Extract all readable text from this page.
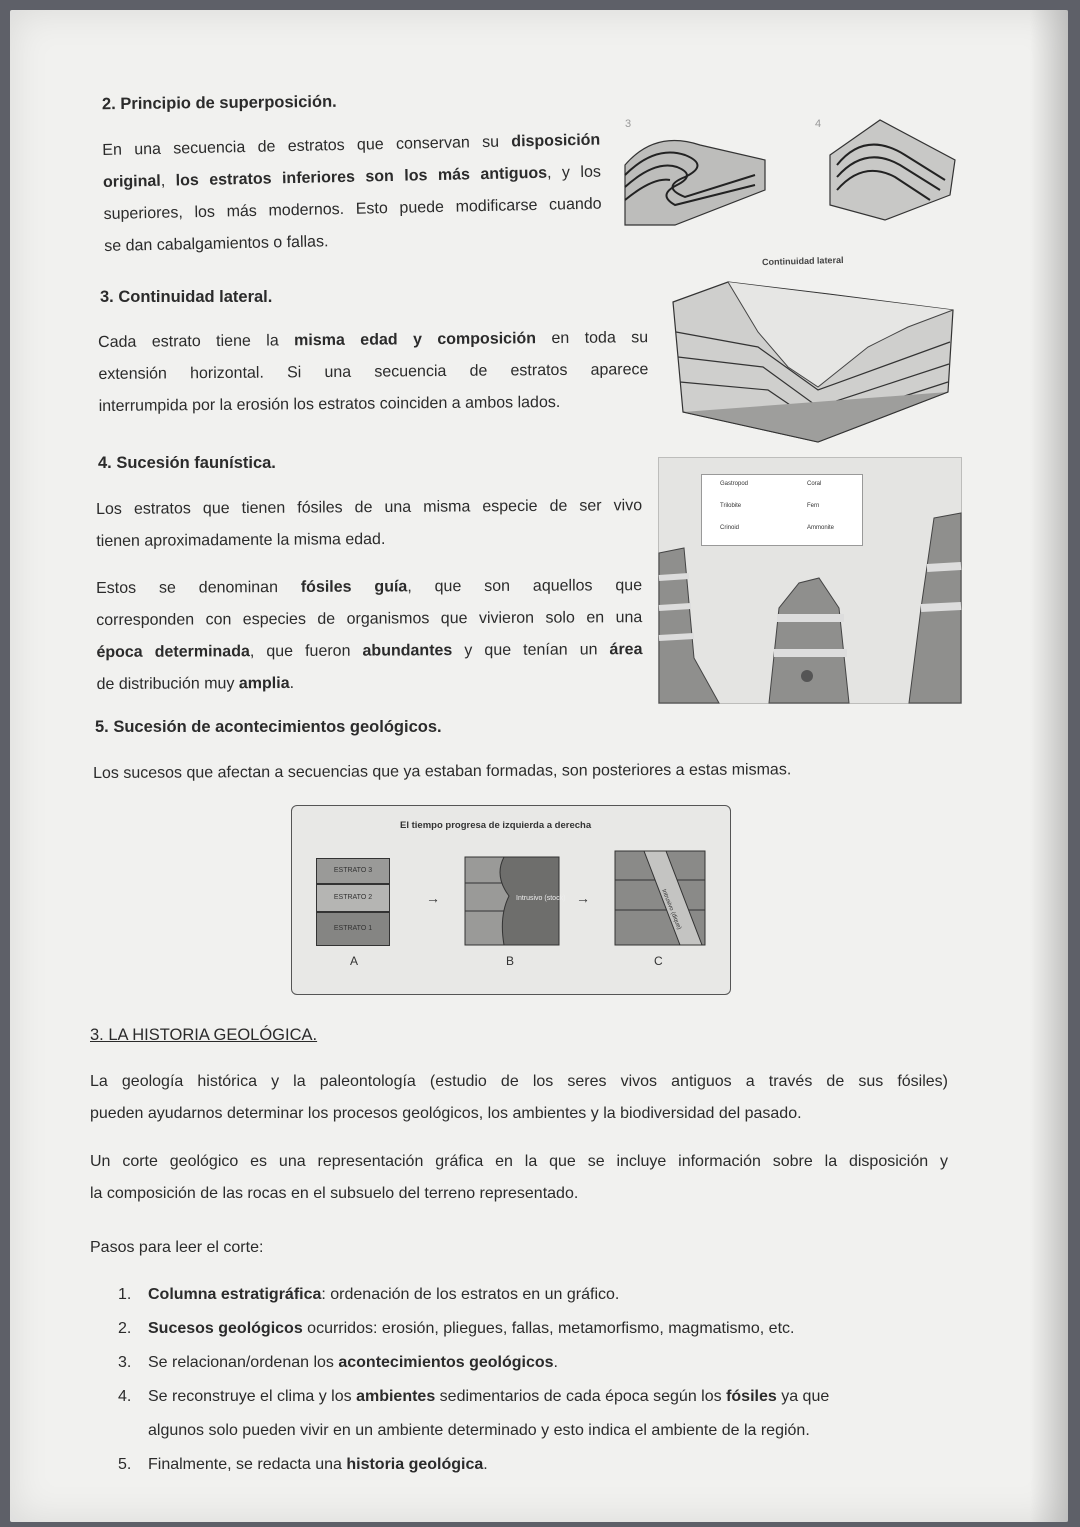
2. Principio de superposición.
En una secuencia de estratos que conservan su disposición
original, los estratos inferiores son los más antiguos, y los
superiores, los más modernos. Esto puede modificarse cuando
se dan cabalgamientos o fallas.
3	4
3. Continuidad lateral.
Cada estrato tiene la misma edad y composición en toda su
extensión horizontal. Si una secuencia de estratos aparece
interrumpida por la erosión los estratos coinciden a ambos lados.
Continuidad lateral
4. Sucesión faunística.
Los estratos que tienen fósiles de una misma especie de ser vivo
tienen aproximadamente la misma edad.
Estos se denominan fósiles guía, que son aquellos que
corresponden con especies de organismos que vivieron solo en una
época determinada, que fueron abundantes y que tenían un área
de distribución muy amplia.
Gastropod	Coral
Trilobite	Fern
Crinoid	Ammonite
5. Sucesión de acontecimientos geológicos.
Los sucesos que afectan a secuencias que ya estaban formadas, son posteriores a estas mismas.
El tiempo progresa de izquierda a derecha
ESTRATO 3
ESTRATO 2
ESTRATO 1
A
→	Intrusivo (stock)
B
→	Intrusivo (dique)
C
3. LA HISTORIA GEOLÓGICA.
La geología histórica y la paleontología (estudio de los seres vivos antiguos a través de sus fósiles)
pueden ayudarnos determinar los procesos geológicos, los ambientes y la biodiversidad del pasado.
Un corte geológico es una representación gráfica en la que se incluye información sobre la disposición y
la composición de las rocas en el subsuelo del terreno representado.
Pasos para leer el corte:
1. Columna estratigráfica: ordenación de los estratos en un gráfico.
2. Sucesos geológicos ocurridos: erosión, pliegues, fallas, metamorfismo, magmatismo, etc.
3. Se relacionan/ordenan los acontecimientos geológicos.
4. Se reconstruye el clima y los ambientes sedimentarios de cada época según los fósiles ya que
algunos solo pueden vivir en un ambiente determinado y esto indica el ambiente de la región.
5. Finalmente, se redacta una historia geológica.
